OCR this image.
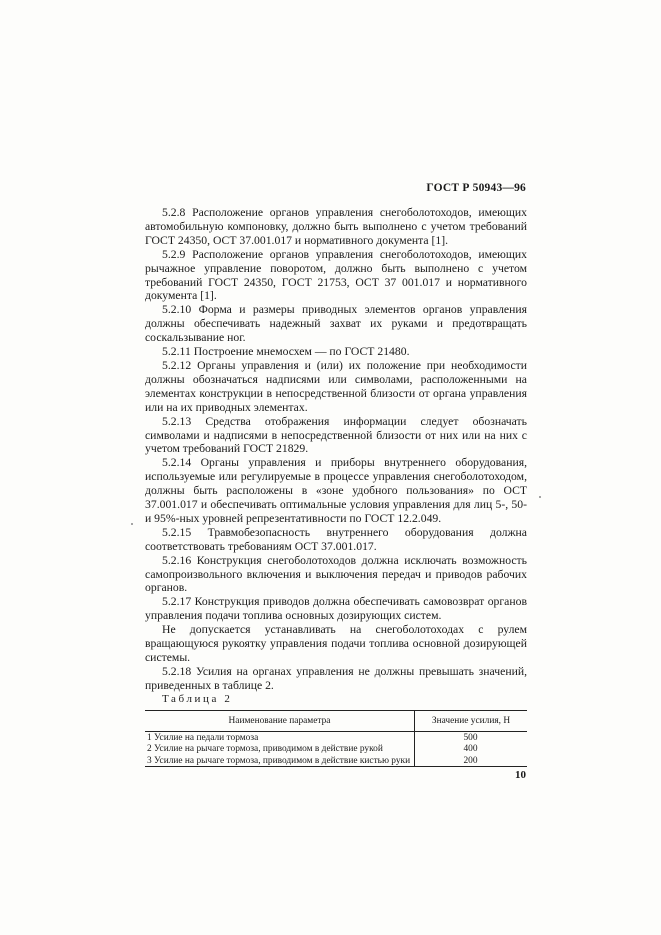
ГОСТ Р 50943—96

5.2.8 Расположение органов управления снегоболотоходов, имеющих автомобильную компоновку, должно быть выполнено с учетом требований ГОСТ 24350, ОСТ 37.001.017 и нормативного документа [1].

5.2.9 Расположение органов управления снегоболотоходов, имеющих рычажное управление поворотом, должно быть выполнено с учетом требований ГОСТ 24350, ГОСТ 21753, ОСТ 37 001.017 и нормативного документа [1].

5.2.10 Форма и размеры приводных элементов органов управления должны обеспечивать надежный захват их руками и предотвращать соскальзывание ног.

5.2.11 Построение мнемосхем — по ГОСТ 21480.

5.2.12 Органы управления и (или) их положение при необходимости должны обозначаться надписями или символами, расположенными на элементах конструкции в непосредственной близости от органа управления или на их приводных элементах.

5.2.13 Средства отображения информации следует обозначать символами и надписями в непосредственной близости от них или на них с учетом требований ГОСТ 21829.

5.2.14 Органы управления и приборы внутреннего оборудования, используемые или регулируемые в процессе управления снегоболотоходом, должны быть расположены в «зоне удобного пользования» по ОСТ 37.001.017 и обеспечивать оптимальные условия управления для лиц 5-, 50- и 95%-ных уровней репрезентативности по ГОСТ 12.2.049.

5.2.15 Травмобезопасность внутреннего оборудования должна соответствовать требованиям ОСТ 37.001.017.

5.2.16 Конструкция снегоболотоходов должна исключать возможность самопроизвольного включения и выключения передач и приводов рабочих органов.

5.2.17 Конструкция приводов должна обеспечивать самовозврат органов управления подачи топлива основных дозирующих систем.

Не допускается устанавливать на снегоболотоходах с рулем вращающуюся рукоятку управления подачи топлива основной дозирующей системы.

5.2.18 Усилия на органах управления не должны превышать значений, приведенных в таблице 2.

Таблица 2

Наименование параметра	Значение усилия, Н
1 Усилие на педали тормоза	500
2 Усилие на рычаге тормоза, приводимом в действие рукой	400
3 Усилие на рычаге тормоза, приводимом в действие кистью руки	200
10
